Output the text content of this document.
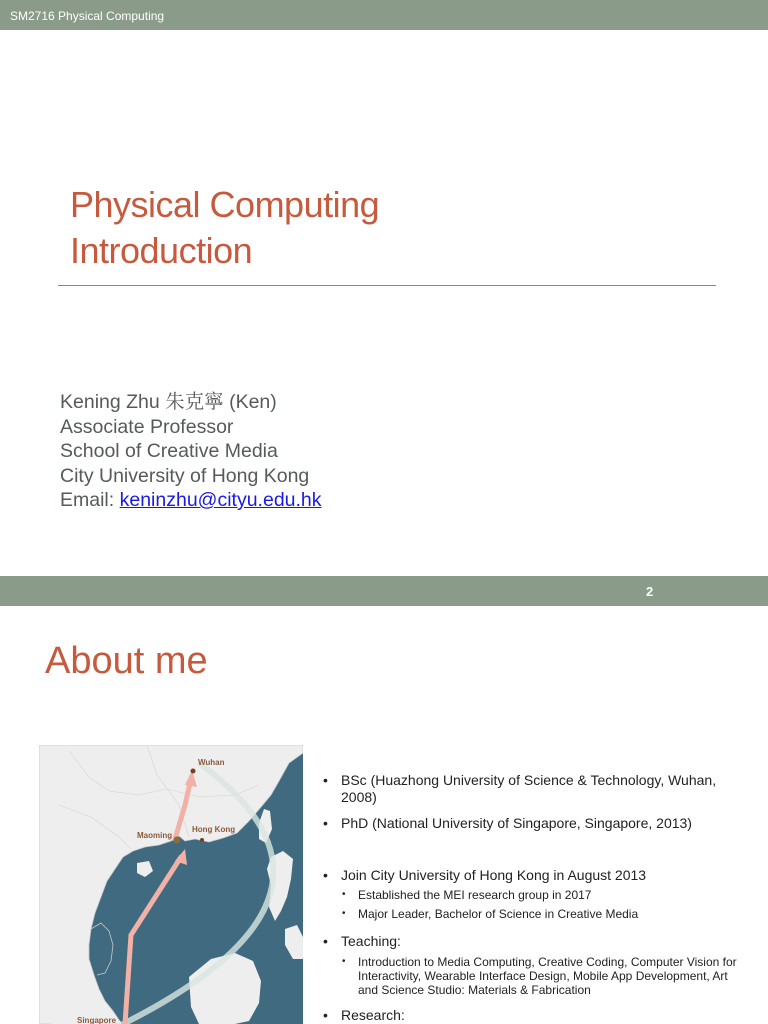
SM2716 Physical Computing
Physical Computing
Introduction
Kening Zhu 朱克寧 (Ken)
Associate Professor
School of Creative Media
City University of Hong Kong
Email: keninzhu@cityu.edu.hk
2
About me
Wuhan
Hong Kong
Maoming
Singapore
• BSc (Huazhong University of Science & Technology, Wuhan, 2008)
• PhD (National University of Singapore, Singapore, 2013)
• Join City University of Hong Kong in August 2013
• Established the MEI research group in 2017
• Major Leader, Bachelor of Science in Creative Media
• Teaching:
• Introduction to Media Computing, Creative Coding, Computer Vision for Interactivity, Wearable Interface Design, Mobile App Development, Art and Science Studio: Materials & Fabrication
• Research:
